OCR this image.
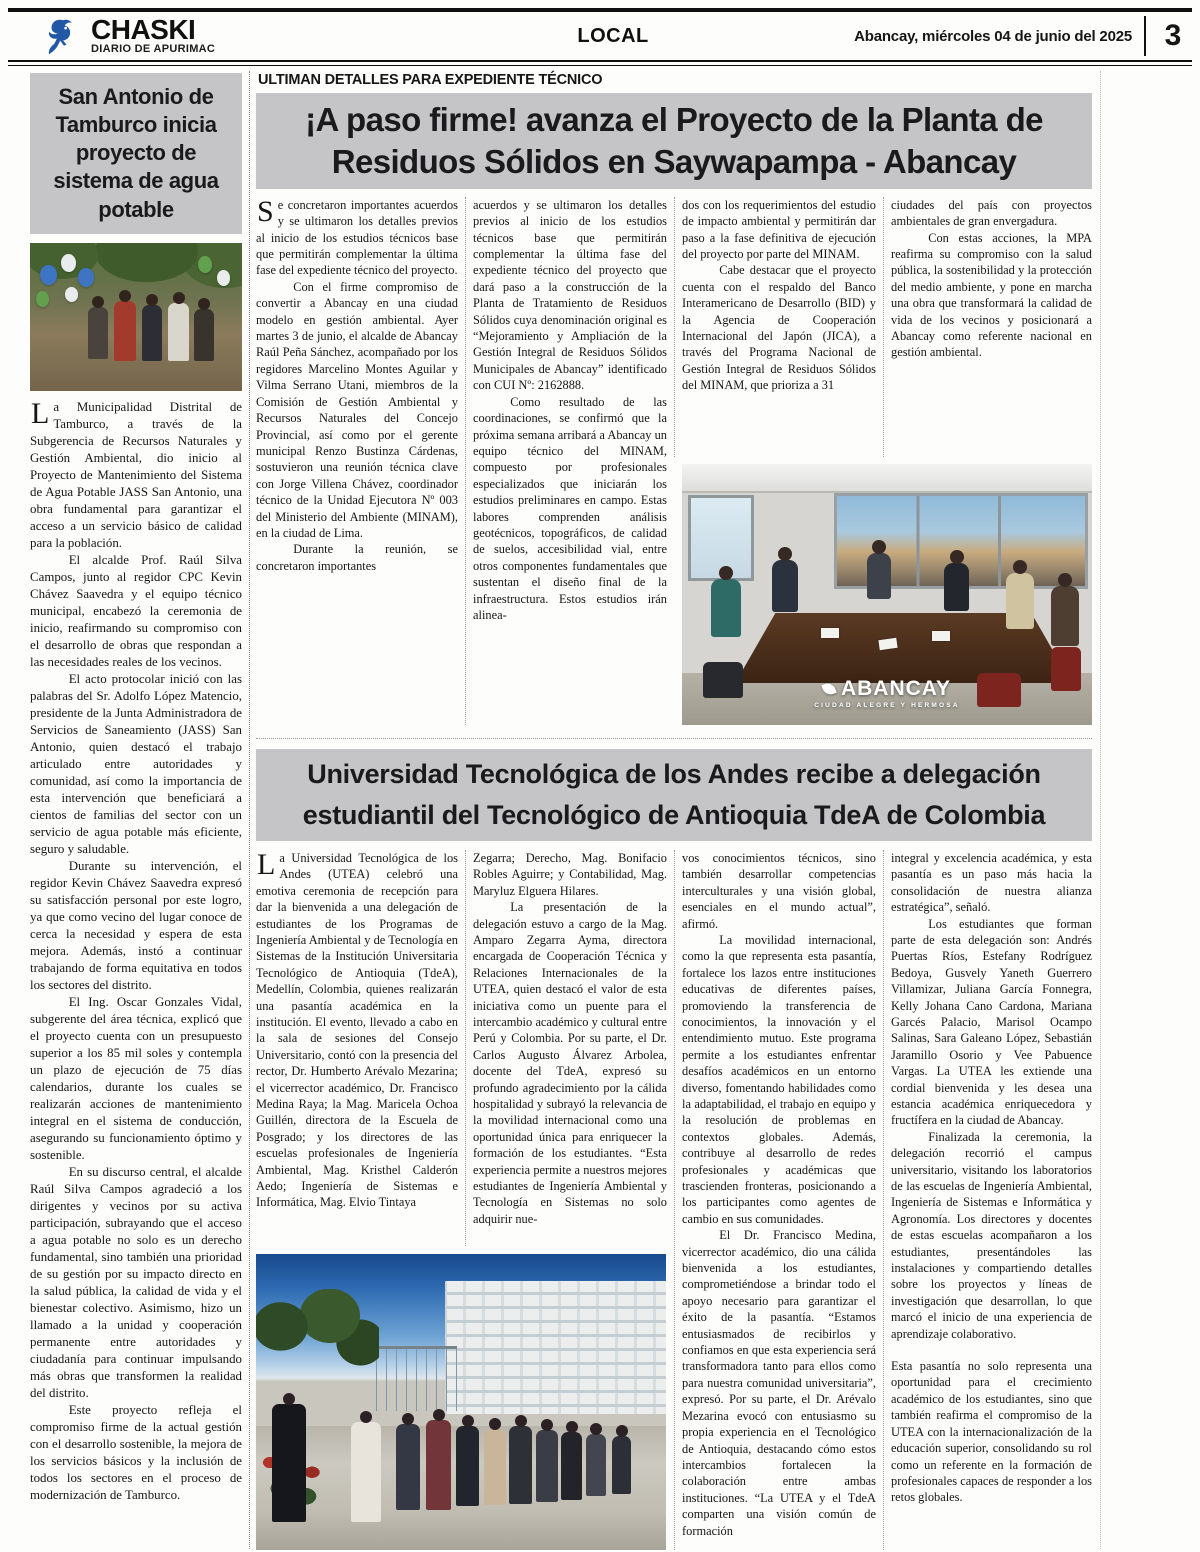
CHASKI
DIARIO DE APURIMAC
LOCAL	Abancay, miércoles 04 de junio del 2025 3
San Antonio de Tamburco inicia proyecto de sistema de agua potable

La Municipalidad Distrital de Tamburco, a través de la Subgerencia de Recursos Naturales y Gestión Ambiental, dio inicio al Proyecto de Mantenimiento del Sistema de Agua Potable JASS San Antonio, una obra fundamental para garantizar el acceso a un servicio básico de calidad para la población.

El alcalde Prof. Raúl Silva Campos, junto al regidor CPC Kevin Chávez Saavedra y el equipo técnico municipal, encabezó la ceremonia de inicio, reafirmando su compromiso con el desarrollo de obras que respondan a las necesidades reales de los vecinos.

El acto protocolar inició con las palabras del Sr. Adolfo López Matencio, presidente de la Junta Administradora de Servicios de Saneamiento (JASS) San Antonio, quien destacó el trabajo articulado entre autoridades y comunidad, así como la importancia de esta intervención que beneficiará a cientos de familias del sector con un servicio de agua potable más eficiente, seguro y saludable.

Durante su intervención, el regidor Kevin Chávez Saavedra expresó su satisfacción personal por este logro, ya que como vecino del lugar conoce de cerca la necesidad y espera de esta mejora. Además, instó a continuar trabajando de forma equitativa en todos los sectores del distrito.

El Ing. Oscar Gonzales Vidal, subgerente del área técnica, explicó que el proyecto cuenta con un presupuesto superior a los 85 mil soles y contempla un plazo de ejecución de 75 días calendarios, durante los cuales se realizarán acciones de mantenimiento integral en el sistema de conducción, asegurando su funcionamiento óptimo y sostenible.

En su discurso central, el alcalde Raúl Silva Campos agradeció a los dirigentes y vecinos por su activa participación, subrayando que el acceso a agua potable no solo es un derecho fundamental, sino también una prioridad de su gestión por su impacto directo en la salud pública, la calidad de vida y el bienestar colectivo. Asimismo, hizo un llamado a la unidad y cooperación permanente entre autoridades y ciudadanía para continuar impulsando más obras que transformen la realidad del distrito.

Este proyecto refleja el compromiso firme de la actual gestión con el desarrollo sostenible, la mejora de los servicios básicos y la inclusión de todos los sectores en el proceso de modernización de Tamburco.

ULTIMAN DETALLES PARA EXPEDIENTE TÉCNICO
¡A paso firme! avanza el Proyecto de la Planta de Residuos Sólidos en Saywapampa - Abancay

Se concretaron importantes acuerdos y se ultimaron los detalles previos al inicio de los estudios técnicos base que permitirán complementar la última fase del expediente técnico del proyecto.

Con el firme compromiso de convertir a Abancay en una ciudad modelo en gestión ambiental. Ayer martes 3 de junio, el alcalde de Abancay Raúl Peña Sánchez, acompañado por los regidores Marcelino Montes Aguilar y Vilma Serrano Utani, miembros de la Comisión de Gestión Ambiental y Recursos Naturales del Concejo Provincial, así como por el gerente municipal Renzo Bustinza Cárdenas, sostuvieron una reunión técnica clave con Jorge Villena Chávez, coordinador técnico de la Unidad Ejecutora Nº 003 del Ministerio del Ambiente (MINAM), en la ciudad de Lima.

Durante la reunión, se concretaron importantes

acuerdos y se ultimaron los detalles previos al inicio de los estudios técnicos base que permitirán complementar la última fase del expediente técnico del proyecto que dará paso a la construcción de la Planta de Tratamiento de Residuos Sólidos cuya denominación original es “Mejoramiento y Ampliación de la Gestión Integral de Residuos Sólidos Municipales de Abancay” identificado con CUI Nº: 2162888.

Como resultado de las coordinaciones, se confirmó que la próxima semana arribará a Abancay un equipo técnico del MINAM, compuesto por profesionales especializados que iniciarán los estudios preliminares en campo. Estas labores comprenden análisis geotécnicos, topográficos, de calidad de suelos, accesibilidad vial, entre otros componentes fundamentales que sustentan el diseño final de la infraestructura. Estos estudios irán alinea-

dos con los requerimientos del estudio de impacto ambiental y permitirán dar paso a la fase definitiva de ejecución del proyecto por parte del MINAM.

Cabe destacar que el proyecto cuenta con el respaldo del Banco Interamericano de Desarrollo (BID) y la Agencia de Cooperación Internacional del Japón (JICA), a través del Programa Nacional de Gestión Integral de Residuos Sólidos del MINAM, que prioriza a 31

ciudades del país con proyectos ambientales de gran envergadura.

Con estas acciones, la MPA reafirma su compromiso con la salud pública, la sostenibilidad y la protección del medio ambiente, y pone en marcha una obra que transformará la calidad de vida de los vecinos y posicionará a Abancay como referente nacional en gestión ambiental.

ABANCAY
CIUDAD ALEGRE Y HERMOSA
Universidad Tecnológica de los Andes recibe a delegación estudiantil del Tecnológico de Antioquia TdeA de Colombia

La Universidad Tecnológica de los Andes (UTEA) celebró una emotiva ceremonia de recepción para dar la bienvenida a una delegación de estudiantes de los Programas de Ingeniería Ambiental y de Tecnología en Sistemas de la Institución Universitaria Tecnológico de Antioquia (TdeA), Medellín, Colombia, quienes realizarán una pasantía académica en la institución. El evento, llevado a cabo en la sala de sesiones del Consejo Universitario, contó con la presencia del rector, Dr. Humberto Arévalo Mezarina; el vicerrector académico, Dr. Francisco Medina Raya; la Mag. Maricela Ochoa Guillén, directora de la Escuela de Posgrado; y los directores de las escuelas profesionales de Ingeniería Ambiental, Mag. Kristhel Calderón Aedo; Ingeniería de Sistemas e Informática, Mag. Elvio Tintaya

Zegarra; Derecho, Mag. Bonifacio Robles Aguirre; y Contabilidad, Mag. Maryluz Elguera Hilares.

La presentación de la delegación estuvo a cargo de la Mag. Amparo Zegarra Ayma, directora encargada de Cooperación Técnica y Relaciones Internacionales de la UTEA, quien destacó el valor de esta iniciativa como un puente para el intercambio académico y cultural entre Perú y Colombia. Por su parte, el Dr. Carlos Augusto Álvarez Arbolea, docente del TdeA, expresó su profundo agradecimiento por la cálida hospitalidad y subrayó la relevancia de la movilidad internacional como una oportunidad única para enriquecer la formación de los estudiantes. “Esta experiencia permite a nuestros mejores estudiantes de Ingeniería Ambiental y Tecnología en Sistemas no solo adquirir nue-

vos conocimientos técnicos, sino también desarrollar competencias interculturales y una visión global, esenciales en el mundo actual”, afirmó.

La movilidad internacional, como la que representa esta pasantía, fortalece los lazos entre instituciones educativas de diferentes países, promoviendo la transferencia de conocimientos, la innovación y el entendimiento mutuo. Este programa permite a los estudiantes enfrentar desafíos académicos en un entorno diverso, fomentando habilidades como la adaptabilidad, el trabajo en equipo y la resolución de problemas en contextos globales. Además, contribuye al desarrollo de redes profesionales y académicas que trascienden fronteras, posicionando a los participantes como agentes de cambio en sus comunidades.

El Dr. Francisco Medina, vicerrector académico, dio una cálida bienvenida a los estudiantes, comprometiéndose a brindar todo el apoyo necesario para garantizar el éxito de la pasantía. “Estamos entusiasmados de recibirlos y confiamos en que esta experiencia será transformadora tanto para ellos como para nuestra comunidad universitaria”, expresó. Por su parte, el Dr. Arévalo Mezarina evocó con entusiasmo su propia experiencia en el Tecnológico de Antioquia, destacando cómo estos intercambios fortalecen la colaboración entre ambas instituciones. “La UTEA y el TdeA comparten una visión común de formación

integral y excelencia académica, y esta pasantía es un paso más hacia la consolidación de nuestra alianza estratégica”, señaló.

Los estudiantes que forman parte de esta delegación son: Andrés Puertas Ríos, Estefany Rodríguez Bedoya, Gusvely Yaneth Guerrero Villamizar, Juliana García Fonnegra, Kelly Johana Cano Cardona, Mariana Garcés Palacio, Marisol Ocampo Salinas, Sara Galeano López, Sebastián Jaramillo Osorio y Vee Pabuence Vargas. La UTEA les extiende una cordial bienvenida y les desea una estancia académica enriquecedora y fructífera en la ciudad de Abancay.

Finalizada la ceremonia, la delegación recorrió el campus universitario, visitando los laboratorios de las escuelas de Ingeniería Ambiental, Ingeniería de Sistemas e Informática y Agronomía. Los directores y docentes de estas escuelas acompañaron a los estudiantes, presentándoles las instalaciones y compartiendo detalles sobre los proyectos y líneas de investigación que desarrollan, lo que marcó el inicio de una experiencia de aprendizaje colaborativo.

Esta pasantía no solo representa una oportunidad para el crecimiento académico de los estudiantes, sino que también reafirma el compromiso de la UTEA con la internacionalización de la educación superior, consolidando su rol como un referente en la formación de profesionales capaces de responder a los retos globales.
